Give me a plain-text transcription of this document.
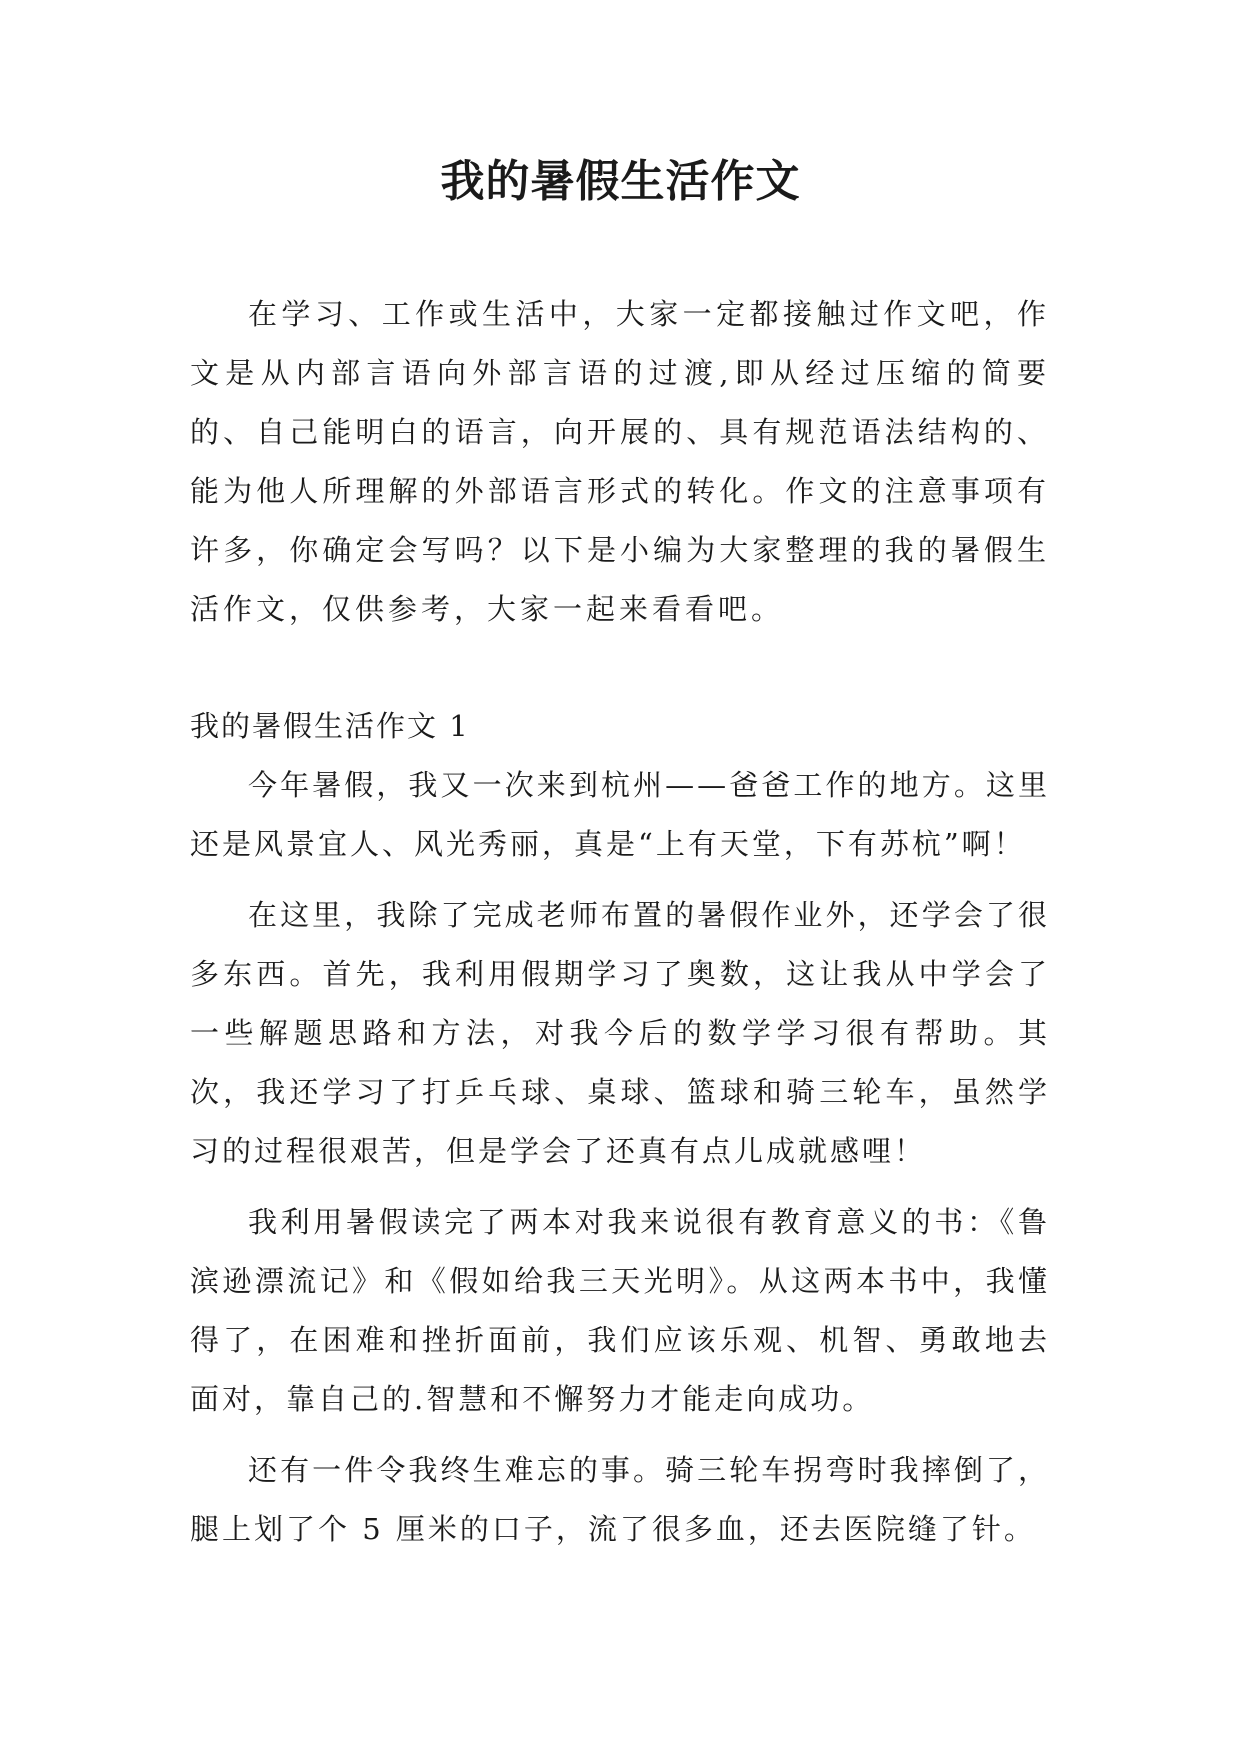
我的暑假生活作文

在学习、工作或生活中，大家一定都接触过作文吧，作文是从内部言语向外部言语的过渡,即从经过压缩的简要的、自己能明白的语言，向开展的、具有规范语法结构的、能为他人所理解的外部语言形式的转化。作文的注意事项有许多，你确定会写吗？以下是小编为大家整理的我的暑假生活作文，仅供参考，大家一起来看看吧。

我的暑假生活作文 1

今年暑假，我又一次来到杭州——爸爸工作的地方。这里还是风景宜人、风光秀丽，真是“上有天堂，下有苏杭”啊！

在这里，我除了完成老师布置的暑假作业外，还学会了很多东西。首先，我利用假期学习了奥数，这让我从中学会了一些解题思路和方法，对我今后的数学学习很有帮助。其次，我还学习了打乒乓球、桌球、篮球和骑三轮车，虽然学习的过程很艰苦，但是学会了还真有点儿成就感哩！

我利用暑假读完了两本对我来说很有教育意义的书：《鲁滨逊漂流记》和《假如给我三天光明》。从这两本书中，我懂得了，在困难和挫折面前，我们应该乐观、机智、勇敢地去面对，靠自己的.智慧和不懈努力才能走向成功。

还有一件令我终生难忘的事。骑三轮车拐弯时我摔倒了，腿上划了个 5 厘米的口子，流了很多血，还去医院缝了针。
